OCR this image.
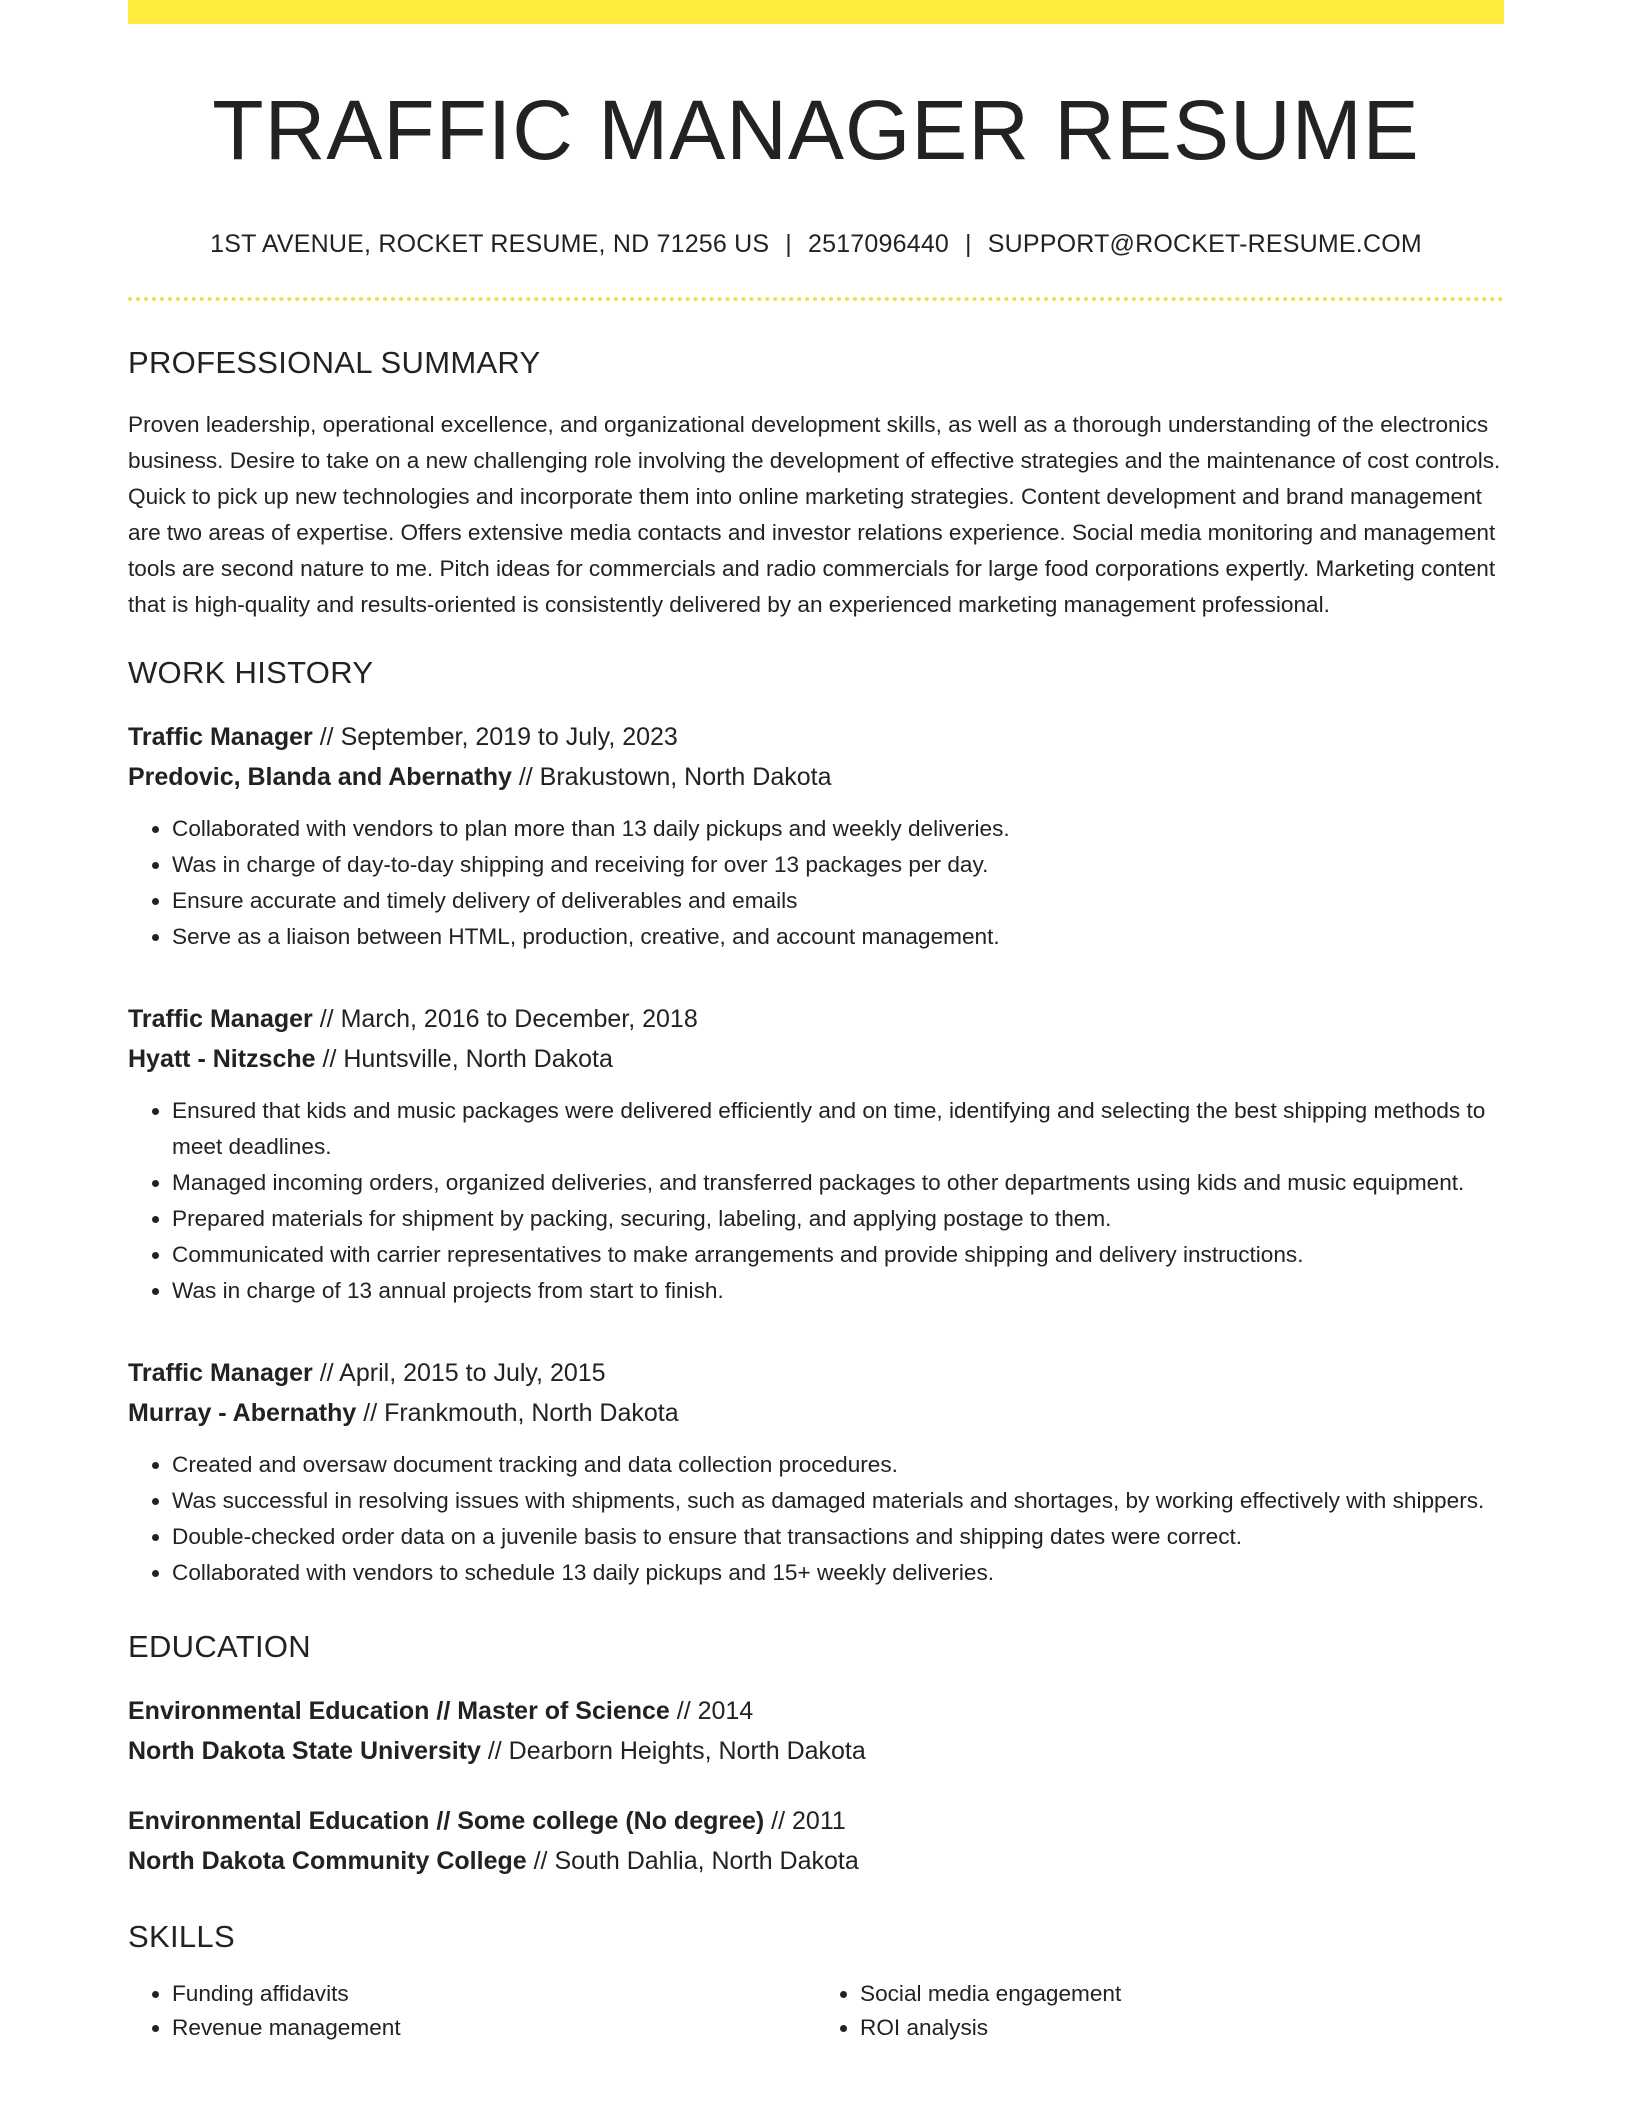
TRAFFIC MANAGER RESUME
1ST AVENUE, ROCKET RESUME, ND 71256 US | 2517096440 | SUPPORT@ROCKET-RESUME.COM
PROFESSIONAL SUMMARY
Proven leadership, operational excellence, and organizational development skills, as well as a thorough understanding of the electronics business. Desire to take on a new challenging role involving the development of effective strategies and the maintenance of cost controls. Quick to pick up new technologies and incorporate them into online marketing strategies. Content development and brand management are two areas of expertise. Offers extensive media contacts and investor relations experience. Social media monitoring and management tools are second nature to me. Pitch ideas for commercials and radio commercials for large food corporations expertly. Marketing content that is high-quality and results-oriented is consistently delivered by an experienced marketing management professional.
WORK HISTORY
Traffic Manager // September, 2019 to July, 2023
Predovic, Blanda and Abernathy // Brakustown, North Dakota
• Collaborated with vendors to plan more than 13 daily pickups and weekly deliveries.
• Was in charge of day-to-day shipping and receiving for over 13 packages per day.
• Ensure accurate and timely delivery of deliverables and emails
• Serve as a liaison between HTML, production, creative, and account management.
Traffic Manager // March, 2016 to December, 2018
Hyatt - Nitzsche // Huntsville, North Dakota
• Ensured that kids and music packages were delivered efficiently and on time, identifying and selecting the best shipping methods to meet deadlines.
• Managed incoming orders, organized deliveries, and transferred packages to other departments using kids and music equipment.
• Prepared materials for shipment by packing, securing, labeling, and applying postage to them.
• Communicated with carrier representatives to make arrangements and provide shipping and delivery instructions.
• Was in charge of 13 annual projects from start to finish.
Traffic Manager // April, 2015 to July, 2015
Murray - Abernathy // Frankmouth, North Dakota
• Created and oversaw document tracking and data collection procedures.
• Was successful in resolving issues with shipments, such as damaged materials and shortages, by working effectively with shippers.
• Double-checked order data on a juvenile basis to ensure that transactions and shipping dates were correct.
• Collaborated with vendors to schedule 13 daily pickups and 15+ weekly deliveries.
EDUCATION
Environmental Education // Master of Science // 2014
North Dakota State University // Dearborn Heights, North Dakota
Environmental Education // Some college (No degree) // 2011
North Dakota Community College // South Dahlia, North Dakota
SKILLS
• Funding affidavits
• Revenue management
• Social media engagement
• ROI analysis
